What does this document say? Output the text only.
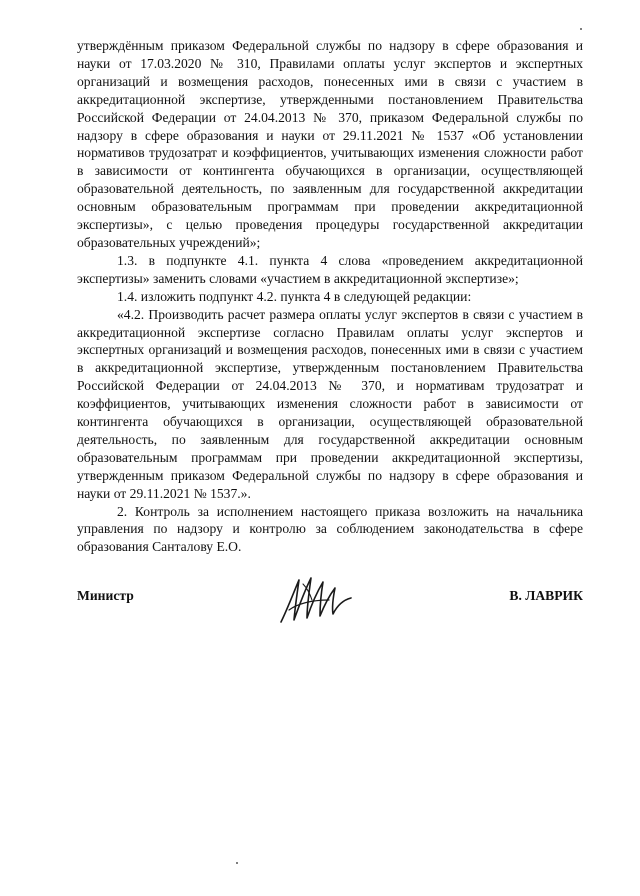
утверждённым приказом Федеральной службы по надзору в сфере образования и науки от 17.03.2020 № 310, Правилами оплаты услуг экспертов и экспертных организаций и возмещения расходов, понесенных ими в связи с участием в аккредитационной экспертизе, утвержденными постановлением Правительства Российской Федерации от 24.04.2013 № 370, приказом Федеральной службы по надзору в сфере образования и науки от 29.11.2021 № 1537 «Об установлении нормативов трудозатрат и коэффициентов, учитывающих изменения сложности работ в зависимости от контингента обучающихся в организации, осуществляющей образовательной деятельность, по заявленным для государственной аккредитации основным образовательным программам при проведении аккредитационной экспертизы», с целью проведения процедуры государственной аккредитации образовательных учреждений»;

1.3. в подпункте 4.1. пункта 4 слова «проведением аккредитационной экспертизы» заменить словами «участием в аккредитационной экспертизе»;

1.4. изложить подпункт 4.2. пункта 4 в следующей редакции:

«4.2. Производить расчет размера оплаты услуг экспертов в связи с участием в аккредитационной экспертизе согласно Правилам оплаты услуг экспертов и экспертных организаций и возмещения расходов, понесенных ими в связи с участием в аккредитационной экспертизе, утвержденным постановлением Правительства Российской Федерации от 24.04.2013 № 370, и нормативам трудозатрат и коэффициентов, учитывающих изменения сложности работ в зависимости от контингента обучающихся в организации, осуществляющей образовательной деятельность, по заявленным для государственной аккредитации основным образовательным программам при проведении аккредитационной экспертизы, утвержденным приказом Федеральной службы по надзору в сфере образования и науки от 29.11.2021 № 1537.».

2. Контроль за исполнением настоящего приказа возложить на начальника управления по надзору и контролю за соблюдением законодательства в сфере образования Санталову Е.О.

Министр	В. ЛАВРИК
